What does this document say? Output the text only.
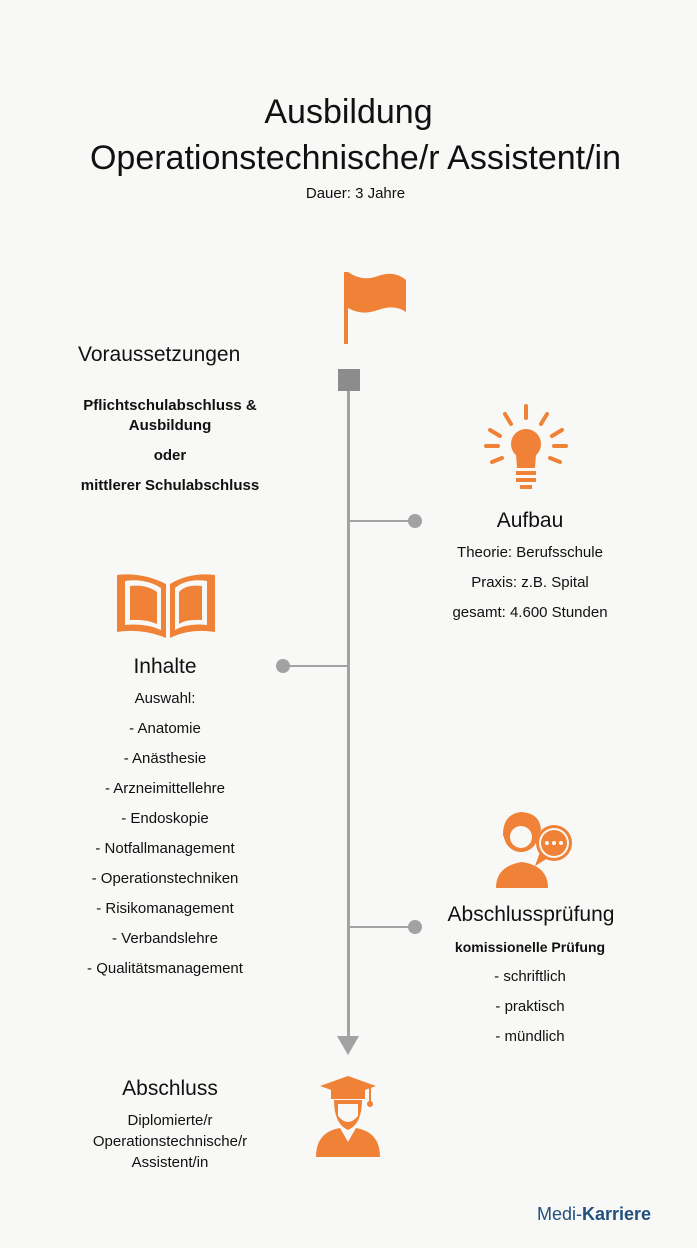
Ausbildung
Operationstechnische/r Assistent/in
Dauer: 3 Jahre
Voraussetzungen
Pflichtschulabschluss &
Ausbildung
oder
mittlerer Schulabschluss
Aufbau
Theorie: Berufsschule
Praxis: z.B. Spital
gesamt: 4.600 Stunden
Inhalte
Auswahl:
- Anatomie
- Anästhesie
- Arzneimittellehre
- Endoskopie
- Notfallmanagement
- Operationstechniken
- Risikomanagement
- Verbandslehre
- Qualitätsmanagement
Abschlussprüfung
komissionelle Prüfung
- schriftlich
- praktisch
- mündlich
Abschluss
Diplomierte/r
Operationstechnische/r
Assistent/in
Medi-Karriere
